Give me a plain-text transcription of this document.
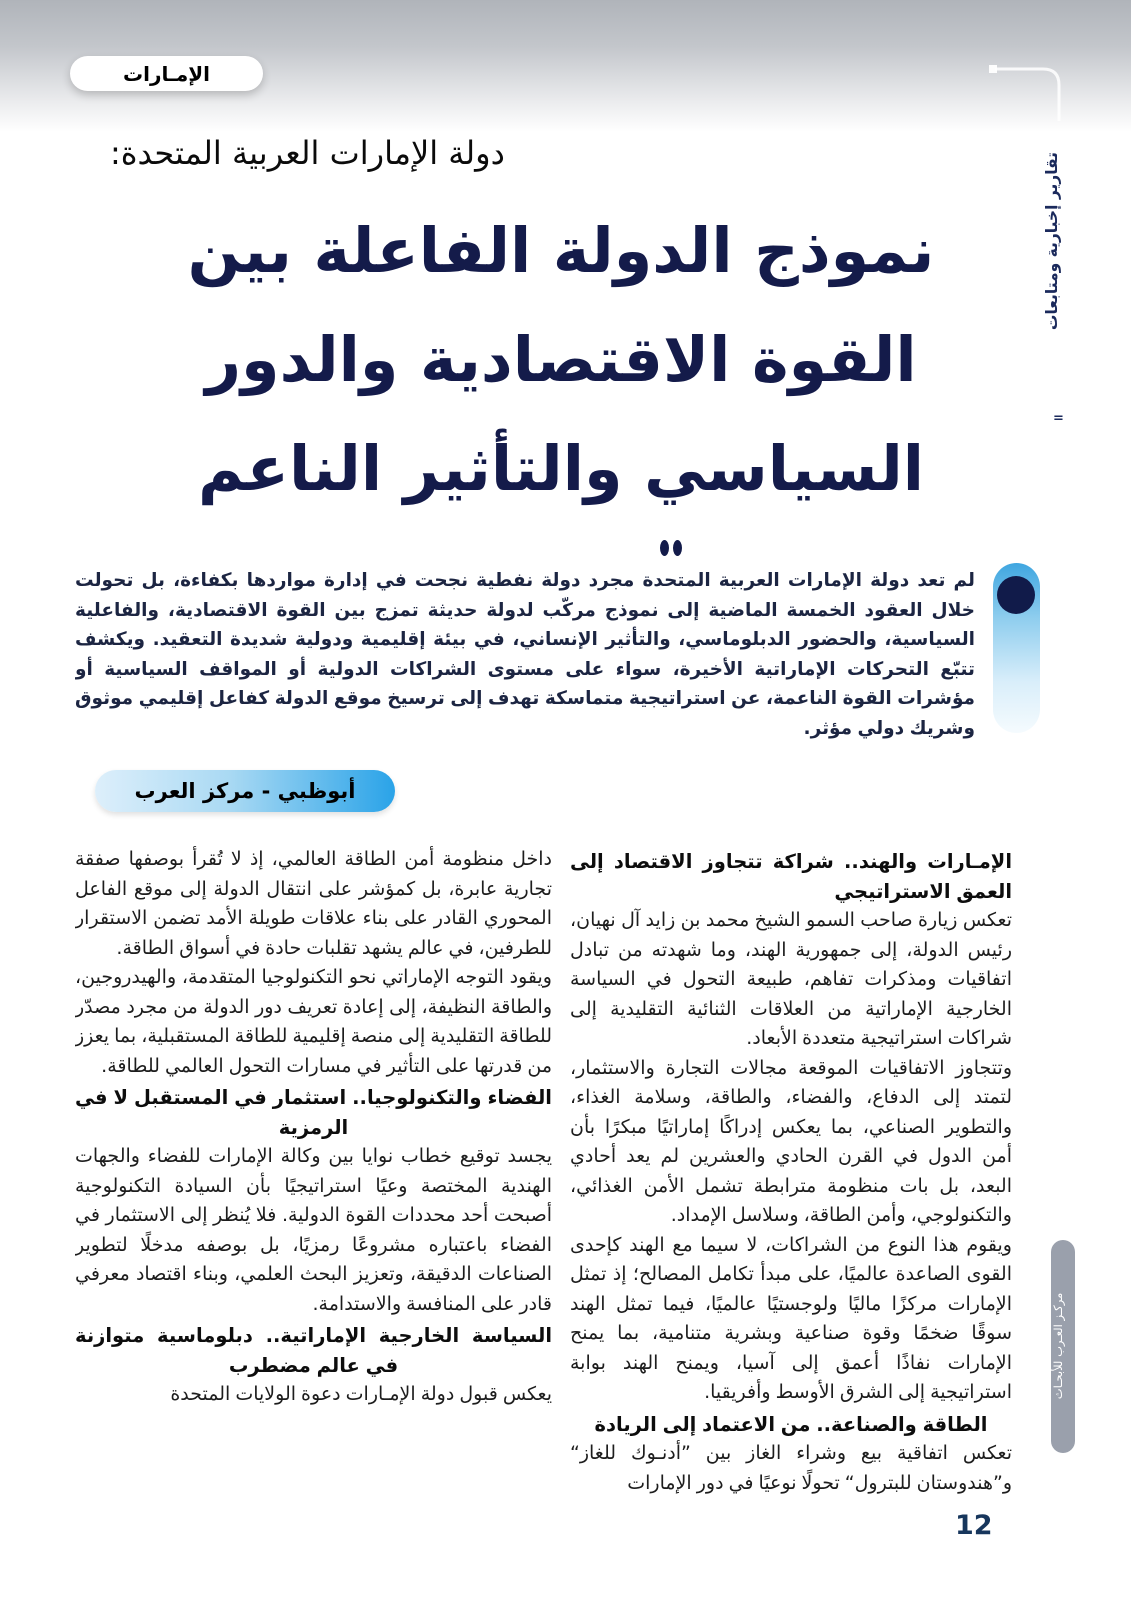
الإمـارات
تقارير إخبارية ومتابعات
=
دولة الإمارات العربية المتحدة:
نموذج الدولة الفاعلة بين
القوة الاقتصادية والدور
السياسي والتأثير الناعم
لم تعد دولة الإمارات العربية المتحدة مجرد دولة نفطية نجحت في إدارة مواردها بكفاءة، بل تحولت خلال العقود الخمسة الماضية إلى نموذج مركّب لدولة حديثة تمزج بين القوة الاقتصادية، والفاعلية السياسية، والحضور الدبلوماسي، والتأثير الإنساني، في بيئة إقليمية ودولية شديدة التعقيد. ويكشف تتبّع التحركات الإماراتية الأخيرة، سواء على مستوى الشراكات الدولية أو المواقف السياسية أو مؤشرات القوة الناعمة، عن استراتيجية متماسكة تهدف إلى ترسيخ موقع الدولة كفاعل إقليمي موثوق وشريك دولي مؤثر.
أبوظبي - مركز العرب
الإمـارات والهند.. شراكة تتجاوز الاقتصاد إلى العمق الاستراتيجي

تعكس زيارة صاحب السمو الشيخ محمد بن زايد آل نهيان، رئيس الدولة، إلى جمهورية الهند، وما شهدته من تبادل اتفاقيات ومذكرات تفاهم، طبيعة التحول في السياسة الخارجية الإماراتية من العلاقات الثنائية التقليدية إلى شراكات استراتيجية متعددة الأبعاد.

وتتجاوز الاتفاقيات الموقعة مجالات التجارة والاستثمار، لتمتد إلى الدفاع، والفضاء، والطاقة، وسلامة الغذاء، والتطوير الصناعي، بما يعكس إدراكًا إماراتيًا مبكرًا بأن أمن الدول في القرن الحادي والعشرين لم يعد أحادي البعد، بل بات منظومة مترابطة تشمل الأمن الغذائي، والتكنولوجي، وأمن الطاقة، وسلاسل الإمداد.

ويقوم هذا النوع من الشراكات، لا سيما مع الهند كإحدى القوى الصاعدة عالميًا، على مبدأ تكامل المصالح؛ إذ تمثل الإمارات مركزًا ماليًا ولوجستيًا عالميًا، فيما تمثل الهند سوقًا ضخمًا وقوة صناعية وبشرية متنامية، بما يمنح الإمارات نفاذًا أعمق إلى آسيا، ويمنح الهند بوابة استراتيجية إلى الشرق الأوسط وأفريقيا.

الطاقة والصناعة.. من الاعتماد إلى الريادة

تعكس اتفاقية بيع وشراء الغاز بين ”أدنـوك للغاز“ و”هندوستان للبترول“ تحولًا نوعيًا في دور الإمارات

داخل منظومة أمن الطاقة العالمي، إذ لا تُقرأ بوصفها صفقة تجارية عابرة، بل كمؤشر على انتقال الدولة إلى موقع الفاعل المحوري القادر على بناء علاقات طويلة الأمد تضمن الاستقرار للطرفين، في عالم يشهد تقلبات حادة في أسواق الطاقة.

ويقود التوجه الإماراتي نحو التكنولوجيا المتقدمة، والهيدروجين، والطاقة النظيفة، إلى إعادة تعريف دور الدولة من مجرد مصدّر للطاقة التقليدية إلى منصة إقليمية للطاقة المستقبلية، بما يعزز من قدرتها على التأثير في مسارات التحول العالمي للطاقة.

الفضاء والتكنولوجيا.. استثمار في المستقبل لا في الرمزية

يجسد توقيع خطاب نوايا بين وكالة الإمارات للفضاء والجهات الهندية المختصة وعيًا استراتيجيًا بأن السيادة التكنولوجية أصبحت أحد محددات القوة الدولية. فلا يُنظر إلى الاستثمار في الفضاء باعتباره مشروعًا رمزيًا، بل بوصفه مدخلًا لتطوير الصناعات الدقيقة، وتعزيز البحث العلمي، وبناء اقتصاد معرفي قادر على المنافسة والاستدامة.

السياسة الخارجية الإماراتية.. دبلوماسية متوازنة في عالم مضطرب

يعكس قبول دولة الإمـارات دعوة الولايات المتحدة	مركـز العـرب للأبحـاث
12
